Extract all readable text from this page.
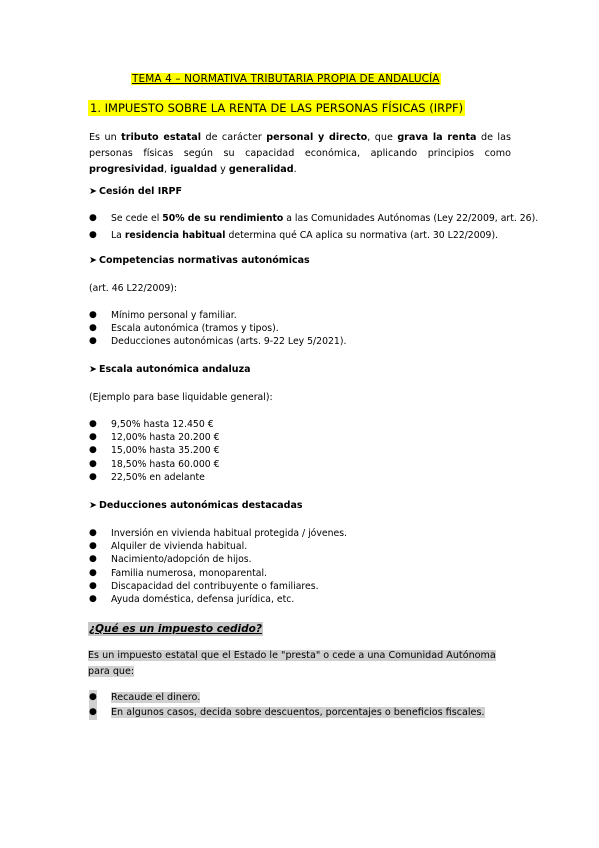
TEMA 4 – NORMATIVA TRIBUTARIA PROPIA DE ANDALUCÍA
1. IMPUESTO SOBRE LA RENTA DE LAS PERSONAS FÍSICAS (IRPF)
Es un tributo estatal de carácter personal y directo, que grava la renta de las personas físicas según su capacidad económica, aplicando principios como progresividad, igualdad y generalidad.
➤ Cesión del IRPF
● Se cede el 50% de su rendimiento a las Comunidades Autónomas (Ley 22/2009, art. 26).
● La residencia habitual determina qué CA aplica su normativa (art. 30 L22/2009).
➤ Competencias normativas autonómicas
(art. 46 L22/2009):
● Mínimo personal y familiar.
● Escala autonómica (tramos y tipos).
● Deducciones autonómicas (arts. 9-22 Ley 5/2021).
➤ Escala autonómica andaluza
(Ejemplo para base liquidable general):
● 9,50% hasta 12.450 €
● 12,00% hasta 20.200 €
● 15,00% hasta 35.200 €
● 18,50% hasta 60.000 €
● 22,50% en adelante
➤ Deducciones autonómicas destacadas
● Inversión en vivienda habitual protegida / jóvenes.
● Alquiler de vivienda habitual.
● Nacimiento/adopción de hijos.
● Familia numerosa, monoparental.
● Discapacidad del contribuyente o familiares.
● Ayuda doméstica, defensa jurídica, etc.
¿Qué es un impuesto cedido?
Es un impuesto estatal que el Estado le "presta" o cede a una Comunidad Autónoma
para que:
● Recaude el dinero.
● En algunos casos, decida sobre descuentos, porcentajes o beneficios fiscales.
